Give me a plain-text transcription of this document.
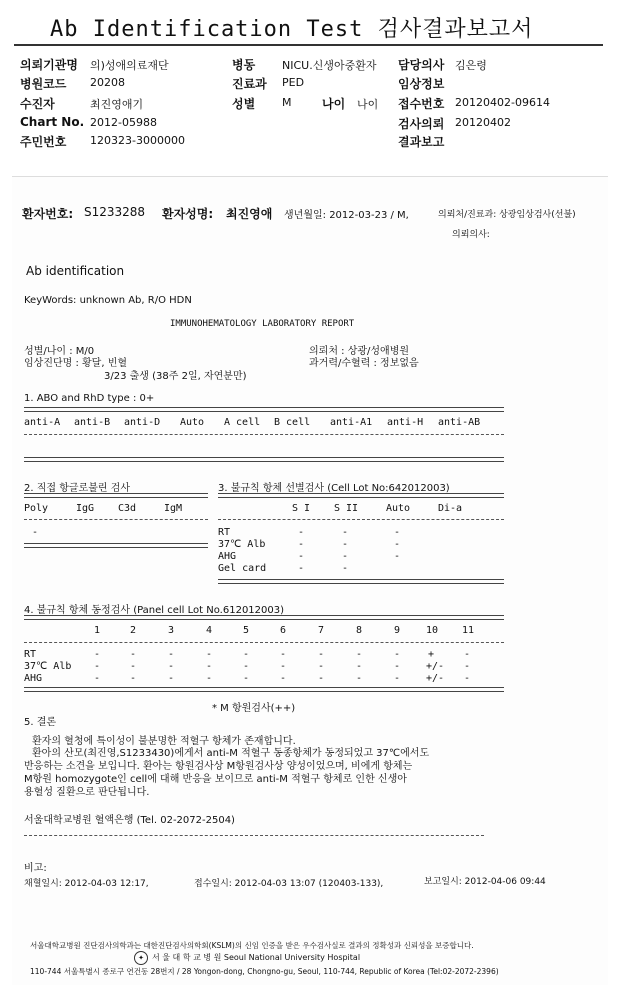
Ab Identification Test 검사결과보고서
의뢰기관명 의)성애의료재단	병동 NICU.신생아중환자 담당의사 김은령
병원코드 20208	진료과 PED	임상정보
수진자	최진영애기	성별 M	나이 나이 접수번호 20120402-09614
Chart No. 2012-05988	검사의뢰 20120402
주민번호 120323-3000000	결과보고
환자번호: S1233288 환자성명: 최진영애 생년월일: 2012-03-23 / M,	의뢰처/진료과: 상광임상검사(선불)
의뢰의사:
Ab identification
KeyWords: unknown Ab, R/O HDN
IMMUNOHEMATOLOGY LABORATORY REPORT
성별/나이 : M/0
임상진단명 : 황달, 빈혈
3/23 출생 (38주 2일, 자연분만)
의뢰처 : 상광/성애병원
과거력/수혈력 : 정보없음
1. ABO and RhD type : 0+
anti-A anti-B anti-D Auto A cell B cell anti-A1 anti-H anti-AB
2. 직접 항글로불린 검사
Poly	IgG C3d	IgM
-
3. 불규칙 항체 선별검사 (Cell Lot No:642012003)
S I S II	Auto	Di-a
RT	-	-	-
37℃ Alb	-	-	-
AHG	-	-	-
Gel card	-	-
4. 불규칙 항체 동정검사 (Panel cell Lot No.612012003)
1	2	3	4	5	6	7	8	9	10 11
RT	-	-	-	-	-	-	-	-	-	+	-
37℃ Alb -	-	-	-	-	-	-	-	-	+/- -
AHG	-	-	-	-	-	-	-	-	-	+/- -
* M 항원검사(++)
5. 결론
환자의 혈청에 특이성이 불분명한 적혈구 항체가 존재합니다.
환아의 산모(최진영,S1233430)에게서 anti-M 적혈구 동종항체가 동정되었고 37℃에서도
반응하는 소견을 보입니다. 환아는 항원검사상 M항원검사상 양성이었으며, 비에게 항체는
M항원 homozygote인 cell에 대해 반응을 보이므로 anti-M 적혈구 항체로 인한 신생아
용혈성 질환으로 판단됩니다.
서울대학교병원 혈액은행 (Tel. 02-2072-2504)
비고:
채혈일시: 2012-04-03 12:17,	접수일시: 2012-04-03 13:07 (120403-133),	보고일시: 2012-04-06 09:44
서울대학교병원 진단검사의학과는 대한진단검사의학회(KSLM)의 신임 인증을 받은 우수검사실로 결과의 정확성과 신뢰성을 보증합니다.
✦	서 울 대 학 교 병 원 Seoul National University Hospital
110-744 서울특별시 종로구 연건동 28번지 / 28 Yongon-dong, Chongno-gu, Seoul, 110-744, Republic of Korea (Tel:02-2072-2396)
